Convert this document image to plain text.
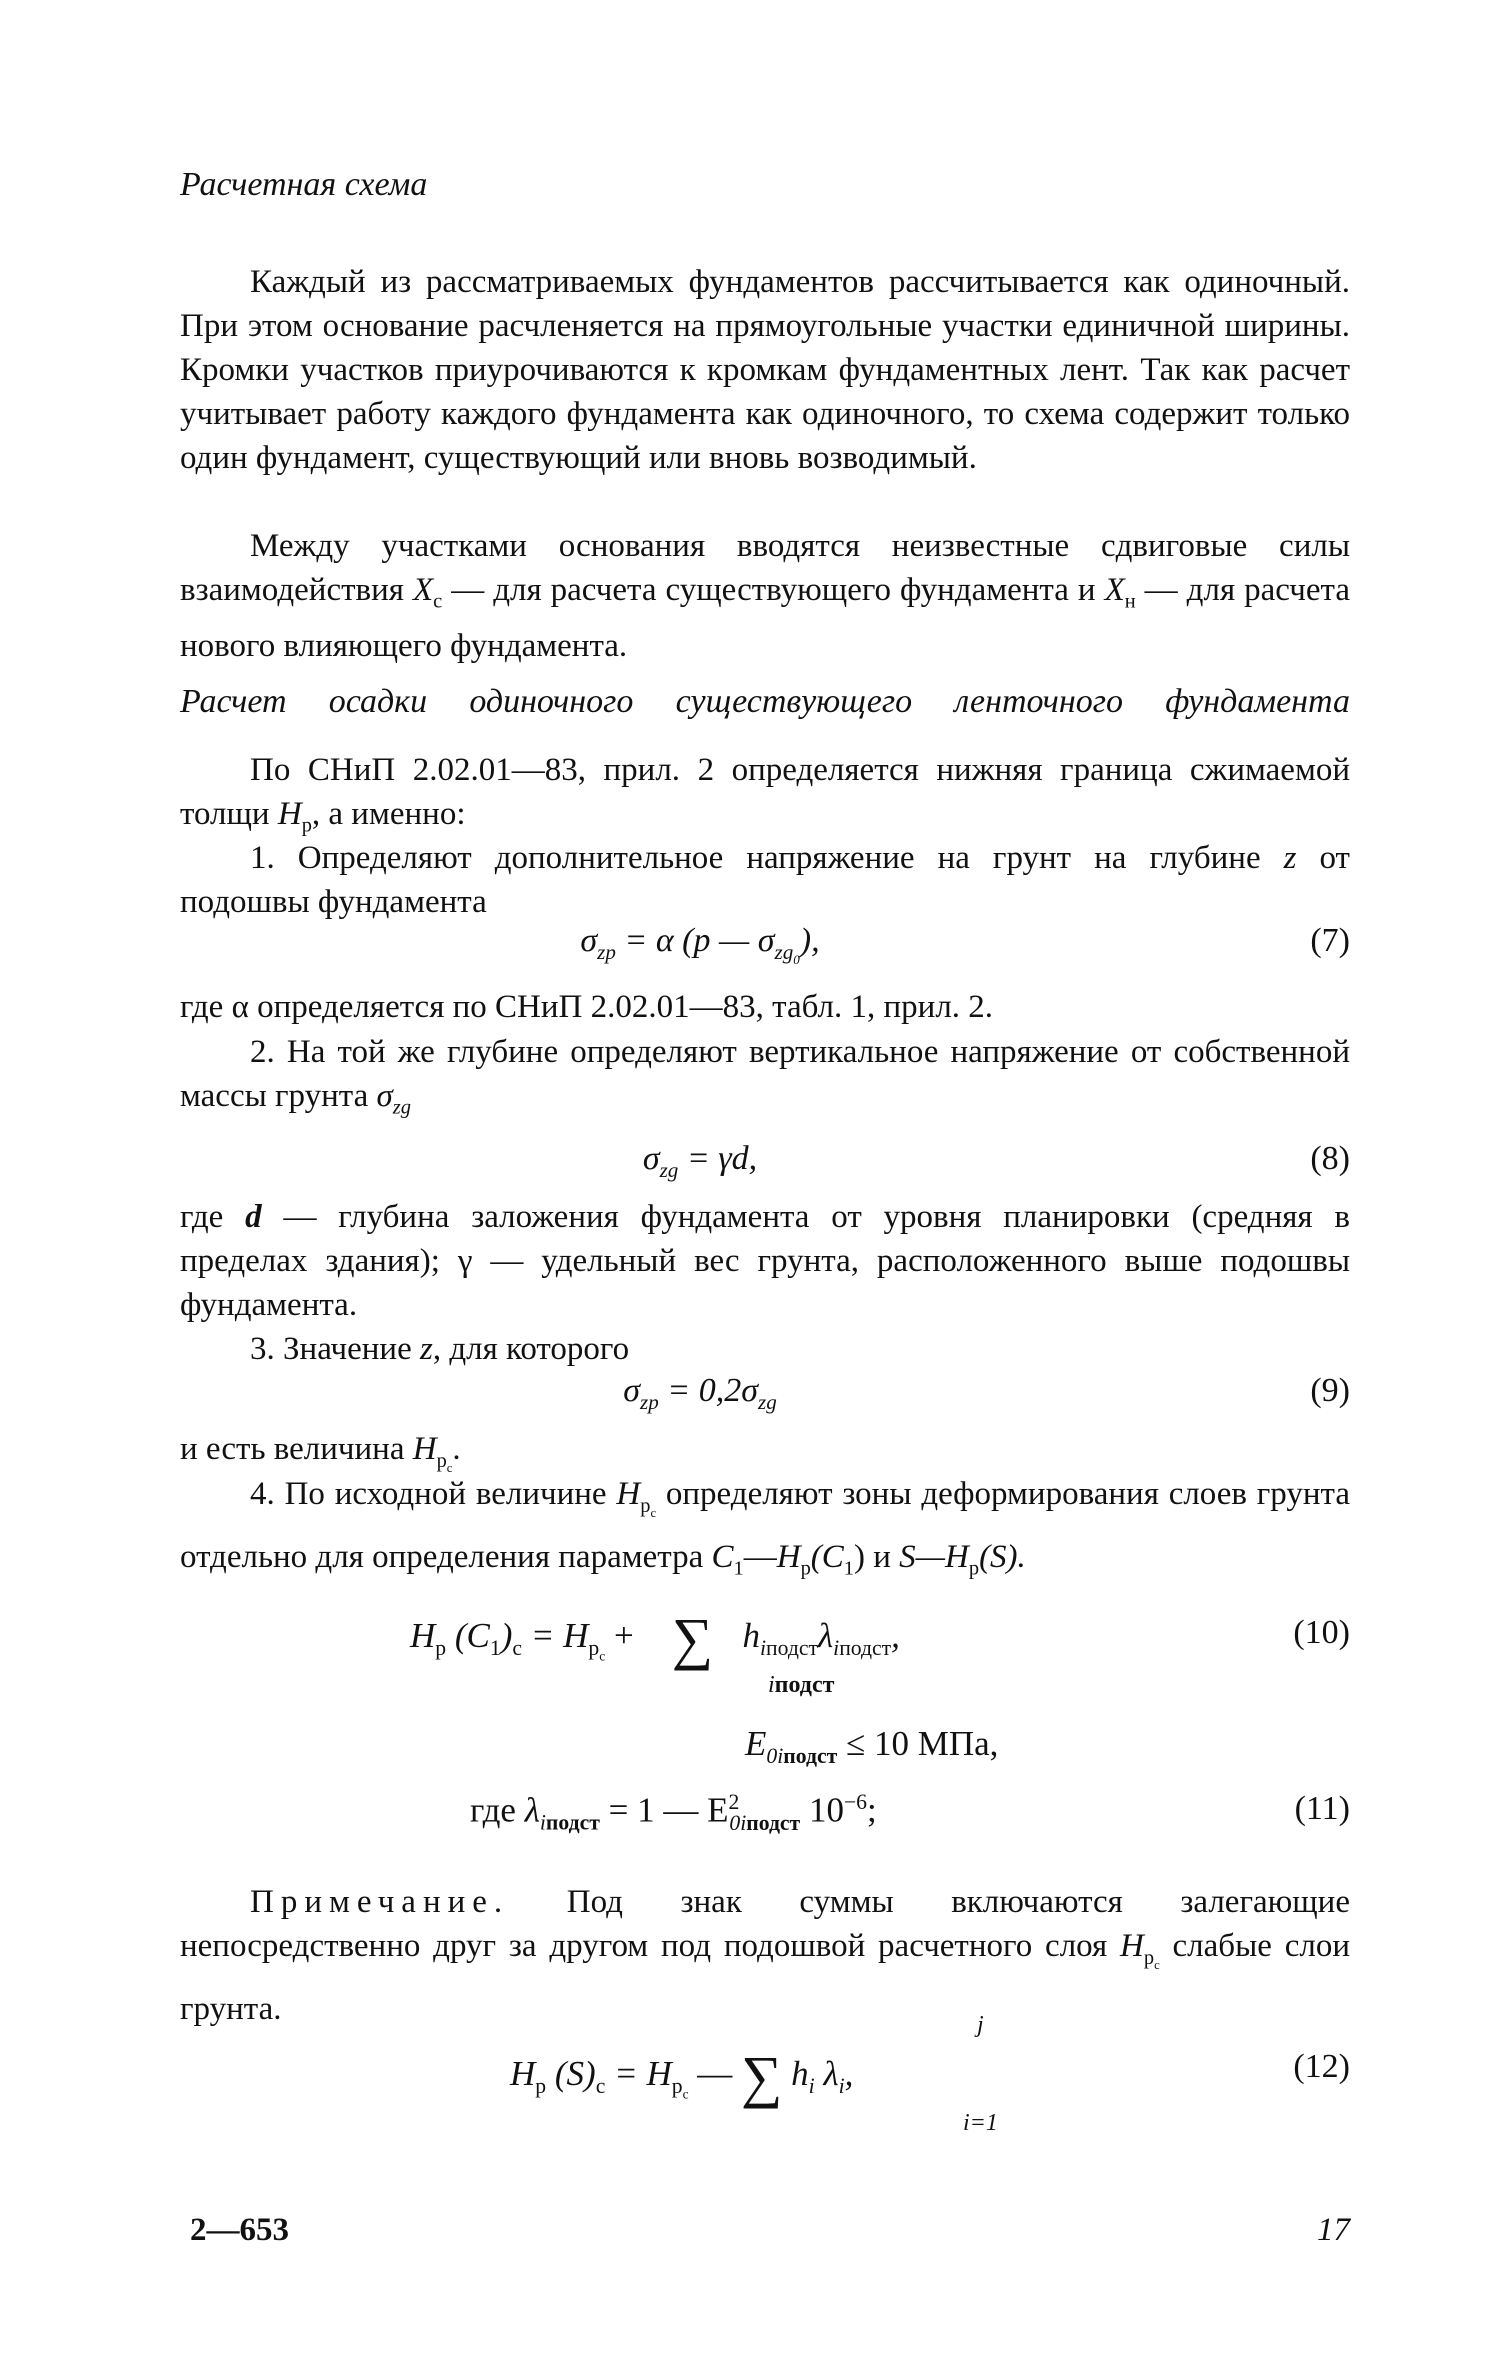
Расчетная схема
Каждый из рассматриваемых фундаментов рассчитывается как одиночный. При этом основание расчленяется на прямоугольные участки единичной ширины. Кромки участков приурочиваются к кромкам фундаментных лент. Так как расчет учитывает работу каждого фундамента как одиночного, то схема содержит только один фундамент, существующий или вновь возводимый.
Между участками основания вводятся неизвестные сдвиговые силы взаимодействия $X_с$ — для расчета существующего фундамента и $X_н$ — для расчета нового влияющего фундамента.
Расчет осадки одиночного существующего ленточного фундамента
По СНиП 2.02.01—83, прил. 2 определяется нижняя граница сжимаемой толщи $H_р$, а именно:
1. Определяют дополнительное напряжение на грунт на глубине z от подошвы фундамента
$\sigma_{zp} = \alpha$ (p — $\sigma_{zg_0}$),	(7)
где α определяется по СНиП 2.02.01—83, табл. 1, прил. 2.
2. На той же глубине определяют вертикальное напряжение от собственной массы грунта $\sigma_{zg}$
$\sigma_{zg} = \gamma d$,	(8)
где d — глубина заложения фундамента от уровня планировки (средняя в пределах здания); γ — удельный вес грунта, расположенного выше подошвы фундамента.
3. Значение z, для которого
$\sigma_{zp} = 0,2\sigma_{zg}$	(9)
и есть величина $H_{р_с}$.
4. По исходной величине $H_{р_с}$ определяют зоны деформирования слоев грунта отдельно для определения параметра $C_1—H_р(C_1)$ и $S—H_р(S)$.
$H_р$ $(C_1)_с = H_{р_с}$ + ∑ $h_{iподст}\lambda_{iподст}$,
iподст
(10)
$E_{0iподст} \le 10$ МПа,
где $\lambda_{iподст} = 1$ — $E^2_{0iподст}$ $10^{-6}$;	(11)
Примечание. Под знак суммы включаются залегающие непосредственно друг за другом под подошвой расчетного слоя $H_{р_с}$ слабые слои грунта.	j
$H_р$ $(S)_с = H_{р_с}$ — ∑ $h_i$ $\lambda_i$,
i=1
(12)
2—653	17
